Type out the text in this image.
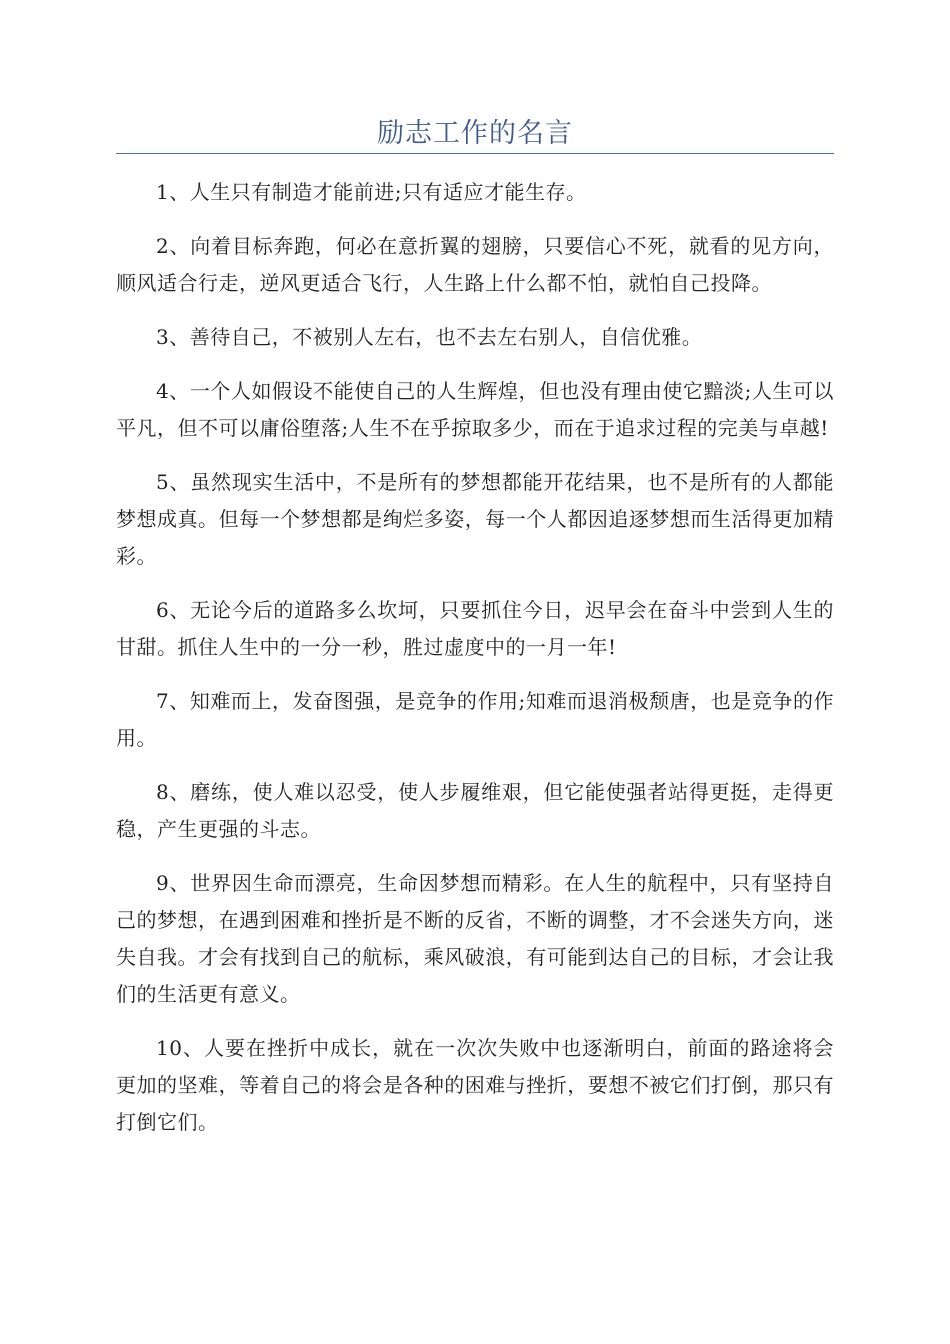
励志工作的名言

1、人生只有制造才能前进;只有适应才能生存。

2、向着目标奔跑，何必在意折翼的翅膀，只要信心不死，就看的见方向，顺风适合行走，逆风更适合飞行，人生路上什么都不怕，就怕自己投降。

3、善待自己，不被别人左右，也不去左右别人，自信优雅。

4、一个人如假设不能使自己的人生辉煌，但也没有理由使它黯淡;人生可以平凡，但不可以庸俗堕落;人生不在乎掠取多少，而在于追求过程的完美与卓越!

5、虽然现实生活中，不是所有的梦想都能开花结果，也不是所有的人都能梦想成真。但每一个梦想都是绚烂多姿，每一个人都因追逐梦想而生活得更加精彩。

6、无论今后的道路多么坎坷，只要抓住今日，迟早会在奋斗中尝到人生的甘甜。抓住人生中的一分一秒，胜过虚度中的一月一年!

7、知难而上，发奋图强，是竞争的作用;知难而退消极颓唐，也是竞争的作用。

8、磨练，使人难以忍受，使人步履维艰，但它能使强者站得更挺，走得更稳，产生更强的斗志。

9、世界因生命而漂亮，生命因梦想而精彩。在人生的航程中，只有坚持自己的梦想，在遇到困难和挫折是不断的反省，不断的调整，才不会迷失方向，迷失自我。才会有找到自己的航标，乘风破浪，有可能到达自己的目标，才会让我们的生活更有意义。

10、人要在挫折中成长，就在一次次失败中也逐渐明白，前面的路途将会更加的坚难，等着自己的将会是各种的困难与挫折，要想不被它们打倒，那只有打倒它们。
